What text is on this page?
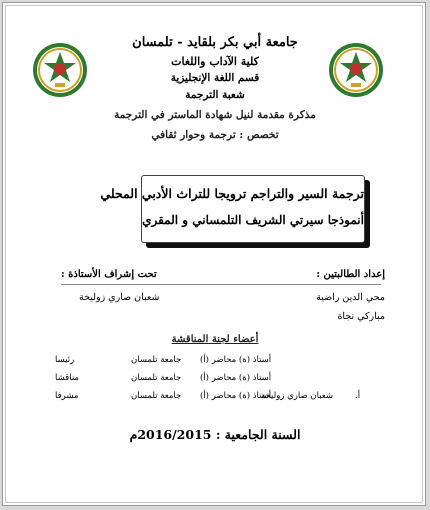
جامعة أبي بكر بلقايد - تلمسان
كلية الآداب واللغات
قسم اللغة الإنجليزية
شعبة الترجمة
مذكرة مقدمة لنيل شهادة الماستر في الترجمة
تخصص : ترجمة وحوار ثقافي
ترجمة السير والتراجم ترويجا للتراث الأدبي المحلي
أنموذجا سيرتي الشريف التلمساني و المقري
تحت إشراف الأستاذة :	إعداد الطالبتين :
شعبان صاري زوليخة	محي الدين راضية
مباركي نجاة
أعضاء لجنة المناقشة
أستاذ (ة) محاضر (أ)
جامعة تلمسان
رئيسا
أستاذ (ة) محاضر (أ)
جامعة تلمسان
مناقشا
أ.
شعبان صاري زوليخة
أستاذ (ة) محاضر (أ)
جامعة تلمسان
مشرفا
السنة الجامعية : 2016/2015م
